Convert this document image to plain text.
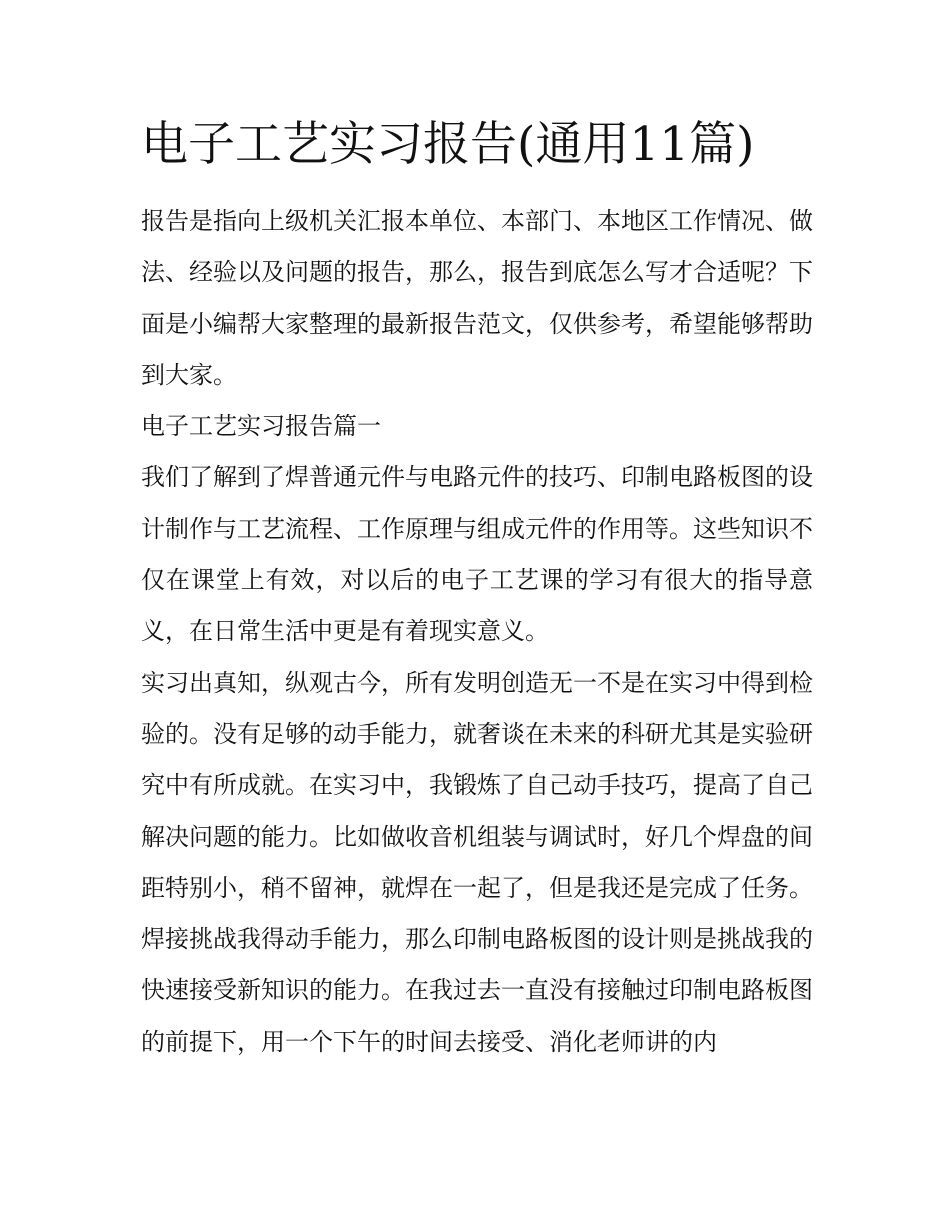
电子工艺实习报告(通用11篇)

报告是指向上级机关汇报本单位、本部门、本地区工作情况、做法、经验以及问题的报告，那么，报告到底怎么写才合适呢？下面是小编帮大家整理的最新报告范文，仅供参考，希望能够帮助到大家。

电子工艺实习报告篇一

我们了解到了焊普通元件与电路元件的技巧、印制电路板图的设计制作与工艺流程、工作原理与组成元件的作用等。这些知识不仅在课堂上有效，对以后的电子工艺课的学习有很大的指导意义，在日常生活中更是有着现实意义。

实习出真知，纵观古今，所有发明创造无一不是在实习中得到检验的。没有足够的动手能力，就奢谈在未来的科研尤其是实验研究中有所成就。在实习中，我锻炼了自己动手技巧，提高了自己解决问题的能力。比如做收音机组装与调试时，好几个焊盘的间距特别小，稍不留神，就焊在一起了，但是我还是完成了任务。

焊接挑战我得动手能力，那么印制电路板图的设计则是挑战我的快速接受新知识的能力。在我过去一直没有接触过印制电路板图的前提下，用一个下午的时间去接受、消化老师讲的内
